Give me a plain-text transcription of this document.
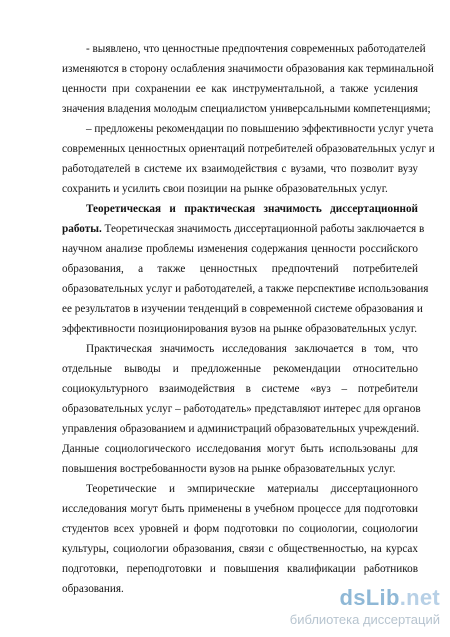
- выявлено, что ценностные предпочтения современных работодателей
изменяются в сторону ослабления значимости образования как терминальной
ценности при сохранении ее как инструментальной, а также усиления
значения владения молодым специалистом универсальными компетенциями;
– предложены рекомендации по повышению эффективности услуг учета
современных ценностных ориентаций потребителей образовательных услуг и
работодателей в системе их взаимодействия с вузами, что позволит вузу
сохранить и усилить свои позиции на рынке образовательных услуг.
Теоретическая и практическая значимость диссертационной
работы. Теоретическая значимость диссертационной работы заключается в
научном анализе проблемы изменения содержания ценности российского
образования, а также ценностных предпочтений потребителей
образовательных услуг и работодателей, а также перспективе использования
ее результатов в изучении тенденций в современной системе образования и
эффективности позиционирования вузов на рынке образовательных услуг.
Практическая значимость исследования заключается в том, что
отдельные выводы и предложенные рекомендации относительно
социокультурного взаимодействия в системе «вуз – потребители
образовательных услуг – работодатель» представляют интерес для органов
управления образованием и администраций образовательных учреждений.
Данные социологического исследования могут быть использованы для
повышения востребованности вузов на рынке образовательных услуг.
Теоретические и эмпирические материалы диссертационного
исследования могут быть применены в учебном процессе для подготовки
студентов всех уровней и форм подготовки по социологии, социологии
культуры, социологии образования, связи с общественностью, на курсах
подготовки, переподготовки и повышения квалификации работников
образования.	dsLib.net
библиотека диссертаций
